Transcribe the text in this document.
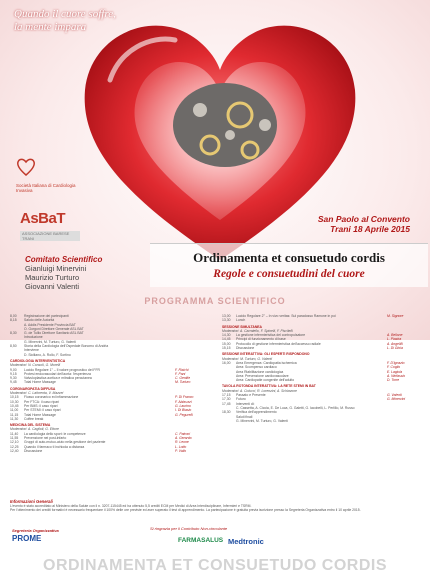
Quando il cuore soffre,
la mente impara
Società Italiana di Cardiologia Invasiva
AsBaT
ASSOCIAZIONE BARESE TRANI
Comitato Scientifico
Gianluigi Minervini
Maurizio Turturo
Giovanni Valenti
San Paolo al Convento
Trani 18 Aprile 2015
Ordinamenta et consuetudo cordis
Regole e consuetudini del cuore
PROGRAMMA SCIENTIFICO
8,00	Registrazione dei partecipanti
8,15	Saluto delle Autorità
A. Addis Presidente Provincia BAT
O. Gorgoni Direttore Generale ASL BAT
8,30	G. de Tullio Direttore Sanitario ASL BAT
Introduzione
G. Minervini, M. Turturo, G. Valenti
8,50	Storia della Cardiologia dell'Ospedale Bonomo di Andria
Interviene
D. Siciliano, A. Rollo, F. Sortino
CARDIOLOGIA INTERVENTISTICA
Moderatori: N. Consoli, G. Morelli
9,00	Lucido Regolare 1° – Il valore prognostico del FFR	F. Risichi
9,15	Protesi endovascolari dell'aorta: l'esperienza	F. Pani
9,30	Valvuloplastica aortica e mitralica percutanea	C. Gentile
9,45	Total Home Massage	M. Turturo
CORONAROPATIA DIFFUSA
Moderatori: C. Laforenta, V. Mazzei
10,15	Flusso coronarico ed infiammazione	P. Di Franco
10,30	Per FTCA: il caso ripari	F. Abbruzzi
10,45	Per BMS: il caso ripari	G. Laurino
11,00	Per STEMI: il caso ripari	I. Di Biasio
11,15	Total Home Massage	G. Pegurelli
11,30	Coffee break
MEDICINA DEL SISTEMA
Moderatori: A. Caglioti, G. Ettore
11,40	La cardiologia dello sport: le competenze	C. Patroni
11,55	Prevenzione nei post-infarto	A. Gerardo
12,10	Gruppi di auto-mutuo-aiuto nella gestione del paziente	R. Leone
12,25	Quando il farmaco ti inchioda a distanza	L. Lotto
12,40	Discussione	P. Vallo
13,00	Lucido Regolare 2° – In vivo veritas: Sul paradosso Ramone in poi	M. Signore
13,30	Lunch
SESSIONE SIMULTANEA
Moderatori: A. Carratello, F. Spinelli, F. Piscitelli
14,30	La gestione infermieristica del contropulsatore	A. Bellone
14,45	Principi di funzionamento di base	L. Piastra
15,00	Protocollo di gestione infermieristica dell'accesso radiale	A. Angelilli
15,15	Discussione	L. Di Gioia
SESSIONE INTERATTIVA: GLI ESPERTI RISPONDONO
Moderatori: M. Turturo, G. Valenti
16,00	Area Emergenza: Cardiopatia ischemica	F. D'Ignazio
Area: Scompenso cardiaco	F. Coglio
Area Riabilitazione cardiologica	E. Lagiola
Area: Prevenzione cardiovascolare	A. Ninfassio
Area: Cardiopatie congenite dell'adulto	D. Torre
TAVOLA ROTONDA INTERATTIVA: LA RETE STEMI IN BAT
Moderatori: A. Colucci, R. Lorenzini, A. Schiavone
17,15	Passato e Presente	G. Valenti
17,30	Futuro	G. Minervini
17,45	Interventi di:
C. Cassetta, A. Ciccia, E. De Luca, G. Galetti, G. Iacobelli, L. Perlillo, M. Russo
18,30	Verifica dell'apprendimento
Saluti finali
G. Minervini, M. Turturo, G. Valenti
Informazioni Generali
L'evento è stato accreditato al Ministero della Salute con il n. 3207-115445 ed ha ottenuto 5,5 crediti ECM per Medici di Area Interdisciplinare, Infermieri e TSRM.
Per l'ottenimento dei crediti formativi è necessario frequentare il 100% delle ore previste ed aver superato il test di apprendimento. La partecipazione è gratuita previa iscrizione presso la Segreteria Organizzativa entro il 10 aprile 2015.
Segreteria Organizzativa
PROME
Si ringrazia per il Contributo Non-vincolante
FARMASALUS Medtronic
ORDINAMENTA ET CONSUETUDO CORDIS
